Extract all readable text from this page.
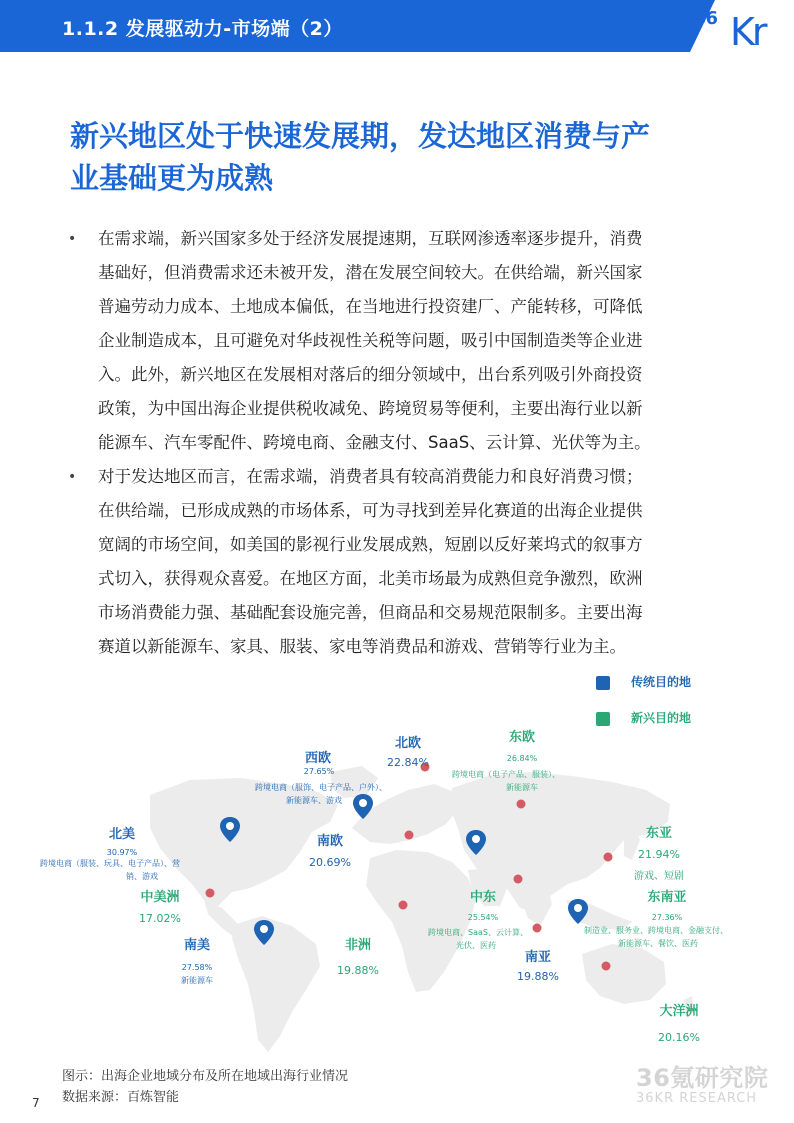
1.1.2 发展驱动力-市场端（2）	36 Kr
新兴地区处于快速发展期，发达地区消费与产
业基础更为成熟
• 在需求端，新兴国家多处于经济发展提速期，互联网渗透率逐步提升，消费
基础好，但消费需求还未被开发，潜在发展空间较大。在供给端，新兴国家
普遍劳动力成本、土地成本偏低，在当地进行投资建厂、产能转移，可降低
企业制造成本，且可避免对华歧视性关税等问题，吸引中国制造类等企业进
入。此外，新兴地区在发展相对落后的细分领域中，出台系列吸引外商投资
政策，为中国出海企业提供税收减免、跨境贸易等便利，主要出海行业以新
能源车、汽车零配件、跨境电商、金融支付、SaaS、云计算、光伏等为主。
• 对于发达地区而言，在需求端，消费者具有较高消费能力和良好消费习惯；
在供给端，已形成成熟的市场体系，可为寻找到差异化赛道的出海企业提供
宽阔的市场空间，如美国的影视行业发展成熟，短剧以反好莱坞式的叙事方
式切入，获得观众喜爱。在地区方面，北美市场最为成熟但竞争激烈，欧洲
市场消费能力强、基础配套设施完善，但商品和交易规范限制多。主要出海
赛道以新能源车、家具、服装、家电等消费品和游戏、营销等行业为主。
传统目的地
新兴目的地
西欧
27.65%
跨境电商（服饰、电子产品、户外）、
新能源车、游戏
北欧
22.84%
东欧
26.84%
跨境电商（电子产品、服装）、
新能源车
北美
30.97%
跨境电商（服装、玩具、电子产品）、营
销、游戏
南欧
20.69%
东亚
21.94%
游戏、短剧
中美洲
17.02%
中东
25.54%
跨境电商、SaaS、云计算、
光伏、医药
东南亚
27.36%
制造业、服务业、跨境电商、金融支付、
新能源车、餐饮、医药
南美
27.58%
新能源车
非洲
19.88%
南亚
19.88%
大洋洲
20.16%
图示：出海企业地域分布及所在地域出海行业情况
数据来源：百炼智能
7
36氪研究院
36KR RESEARCH
